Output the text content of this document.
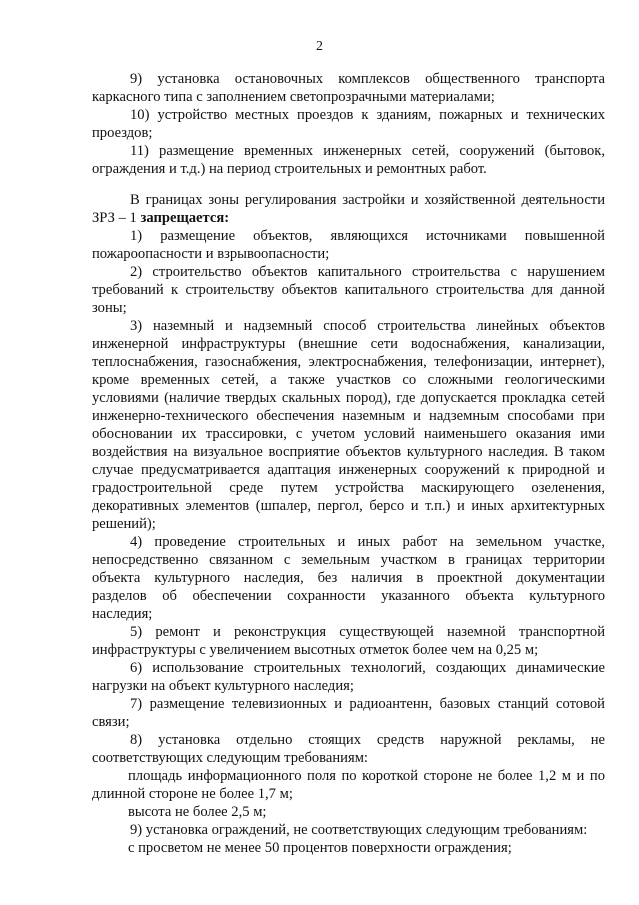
2
9) установка остановочных комплексов общественного транспорта
каркасного типа с заполнением светопрозрачными материалами;
10) устройство местных проездов к зданиям, пожарных и технических
проездов;
11) размещение временных инженерных сетей, сооружений (бытовок,
ограждения и т.д.) на период строительных и ремонтных работ.
В границах зоны регулирования застройки и хозяйственной деятельности
ЗРЗ – 1 запрещается:
1) размещение объектов, являющихся источниками повышенной
пожароопасности и взрывоопасности;
2) строительство объектов капитального строительства с нарушением
требований к строительству объектов капитального строительства для данной
зоны;
3) наземный и надземный способ строительства линейных объектов
инженерной инфраструктуры (внешние сети водоснабжения, канализации,
теплоснабжения, газоснабжения, электроснабжения, телефонизации, интернет),
кроме временных сетей, а также участков со сложными геологическими
условиями (наличие твердых скальных пород), где допускается прокладка сетей
инженерно-технического обеспечения наземным и надземным способами при
обосновании их трассировки, с учетом условий наименьшего оказания ими
воздействия на визуальное восприятие объектов культурного наследия. В таком
случае предусматривается адаптация инженерных сооружений к природной и
градостроительной среде путем устройства маскирующего озеленения,
декоративных элементов (шпалер, пергол, берсо и т.п.) и иных архитектурных
решений);
4) проведение строительных и иных работ на земельном участке,
непосредственно связанном с земельным участком в границах территории
объекта культурного наследия, без наличия в проектной документации
разделов об обеспечении сохранности указанного объекта культурного
наследия;
5) ремонт и реконструкция существующей наземной транспортной
инфраструктуры с увеличением высотных отметок более чем на 0,25 м;
6) использование строительных технологий, создающих динамические
нагрузки на объект культурного наследия;
7) размещение телевизионных и радиоантенн, базовых станций сотовой
связи;
8) установка отдельно стоящих средств наружной рекламы, не
соответствующих следующим требованиям:
площадь информационного поля по короткой стороне не более 1,2 м и по
длинной стороне не более 1,7 м;
высота не более 2,5 м;
9) установка ограждений, не соответствующих следующим требованиям:
с просветом не менее 50 процентов поверхности ограждения;
